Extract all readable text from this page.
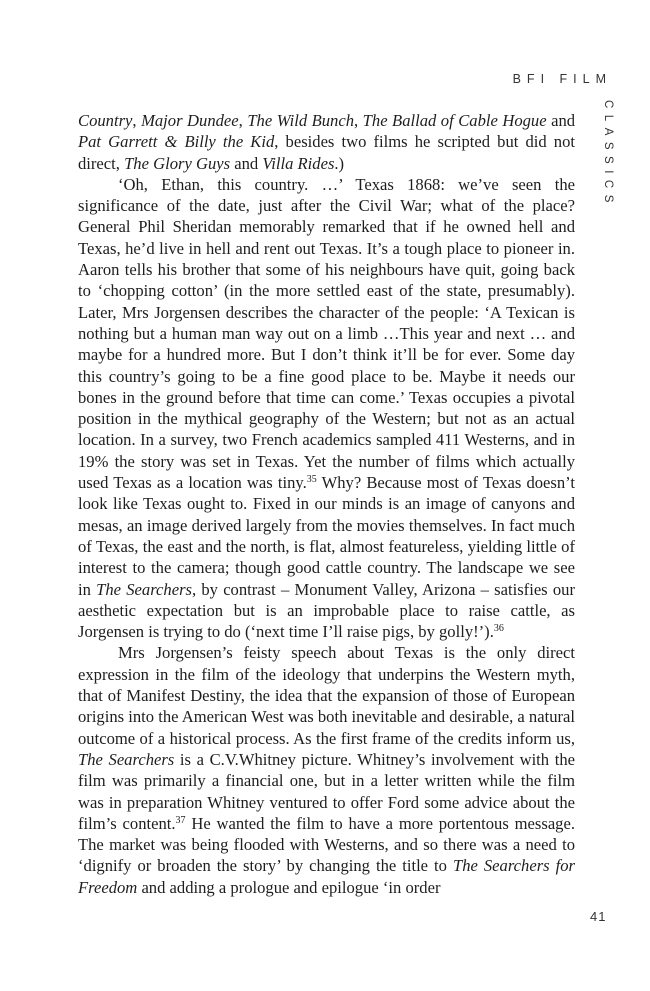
BFI FILM
CLASSICS

Country, Major Dundee, The Wild Bunch, The Ballad of Cable Hogue and Pat Garrett & Billy the Kid, besides two films he scripted but did not direct, The Glory Guys and Villa Rides.)

‘Oh, Ethan, this country. …’ Texas 1868: we’ve seen the significance of the date, just after the Civil War; what of the place? General Phil Sheridan memorably remarked that if he owned hell and Texas, he’d live in hell and rent out Texas. It’s a tough place to pioneer in. Aaron tells his brother that some of his neighbours have quit, going back to ‘chopping cotton’ (in the more settled east of the state, presumably). Later, Mrs Jorgensen describes the character of the people: ‘A Texican is nothing but a human man way out on a limb …This year and next … and maybe for a hundred more. But I don’t think it’ll be for ever. Some day this country’s going to be a fine good place to be. Maybe it needs our bones in the ground before that time can come.’ Texas occupies a pivotal position in the mythical geography of the Western; but not as an actual location. In a survey, two French academics sampled 411 Westerns, and in 19% the story was set in Texas. Yet the number of films which actually used Texas as a location was tiny.$^{35}$ Why? Because most of Texas doesn’t look like Texas ought to. Fixed in our minds is an image of canyons and mesas, an image derived largely from the movies themselves. In fact much of Texas, the east and the north, is flat, almost featureless, yielding little of interest to the camera; though good cattle country. The landscape we see in The Searchers, by contrast – Monument Valley, Arizona – satisfies our aesthetic expectation but is an improbable place to raise cattle, as Jorgensen is trying to do (‘next time I’ll raise pigs, by golly!’).$^{36}$

Mrs Jorgensen’s feisty speech about Texas is the only direct expression in the film of the ideology that underpins the Western myth, that of Manifest Destiny, the idea that the expansion of those of European origins into the American West was both inevitable and desirable, a natural outcome of a historical process. As the first frame of the credits inform us, The Searchers is a C.V.Whitney picture. Whitney’s involvement with the film was primarily a financial one, but in a letter written while the film was in preparation Whitney ventured to offer Ford some advice about the film’s content.$^{37}$ He wanted the film to have a more portentous message. The market was being flooded with Westerns, and so there was a need to ‘dignify or broaden the story’ by changing the title to The Searchers for Freedom and adding a prologue and epilogue ‘in order

41
